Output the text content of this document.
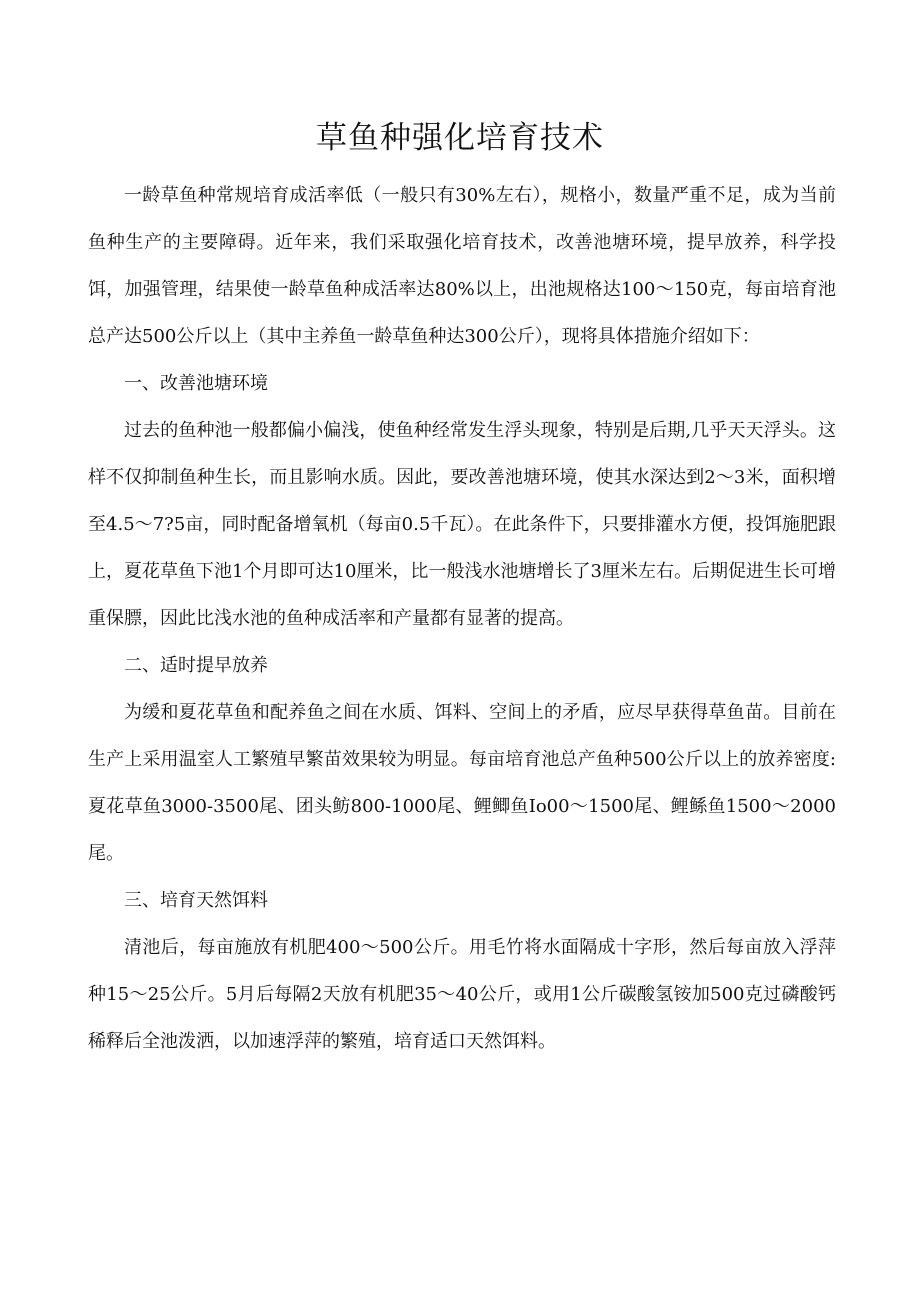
草鱼种强化培育技术

一龄草鱼种常规培育成活率低（一般只有30%左右），规格小，数量严重不足，成为当前鱼种生产的主要障碍。近年来，我们采取强化培育技术，改善池塘环境，提早放养，科学投饵，加强管理，结果使一龄草鱼种成活率达80%以上，出池规格达100～150克，每亩培育池总产达500公斤以上（其中主养鱼一龄草鱼种达300公斤），现将具体措施介绍如下：

一、改善池塘环境

过去的鱼种池一般都偏小偏浅，使鱼种经常发生浮头现象，特别是后期,几乎天天浮头。这样不仅抑制鱼种生长，而且影响水质。因此，要改善池塘环境，使其水深达到2～3米，面积增至4.5～7?5亩，同时配备增氧机（每亩0.5千瓦）。在此条件下，只要排灌水方便，投饵施肥跟上，夏花草鱼下池1个月即可达10厘米，比一般浅水池塘增长了3厘米左右。后期促进生长可增重保膘，因此比浅水池的鱼种成活率和产量都有显著的提高。

二、适时提早放养

为缓和夏花草鱼和配养鱼之间在水质、饵料、空间上的矛盾，应尽早获得草鱼苗。目前在生产上采用温室人工繁殖早繁苗效果较为明显。每亩培育池总产鱼种500公斤以上的放养密度:夏花草鱼3000-3500尾、团头鲂800-1000尾、鲤鲫鱼Io00～1500尾、鲤鲧鱼1500～2000尾。

三、培育天然饵料

清池后，每亩施放有机肥400～500公斤。用毛竹将水面隔成十字形，然后每亩放入浮萍种15～25公斤。5月后每隔2天放有机肥35～40公斤，或用1公斤碳酸氢铵加500克过磷酸钙稀释后全池泼洒，以加速浮萍的繁殖，培育适口天然饵料。
